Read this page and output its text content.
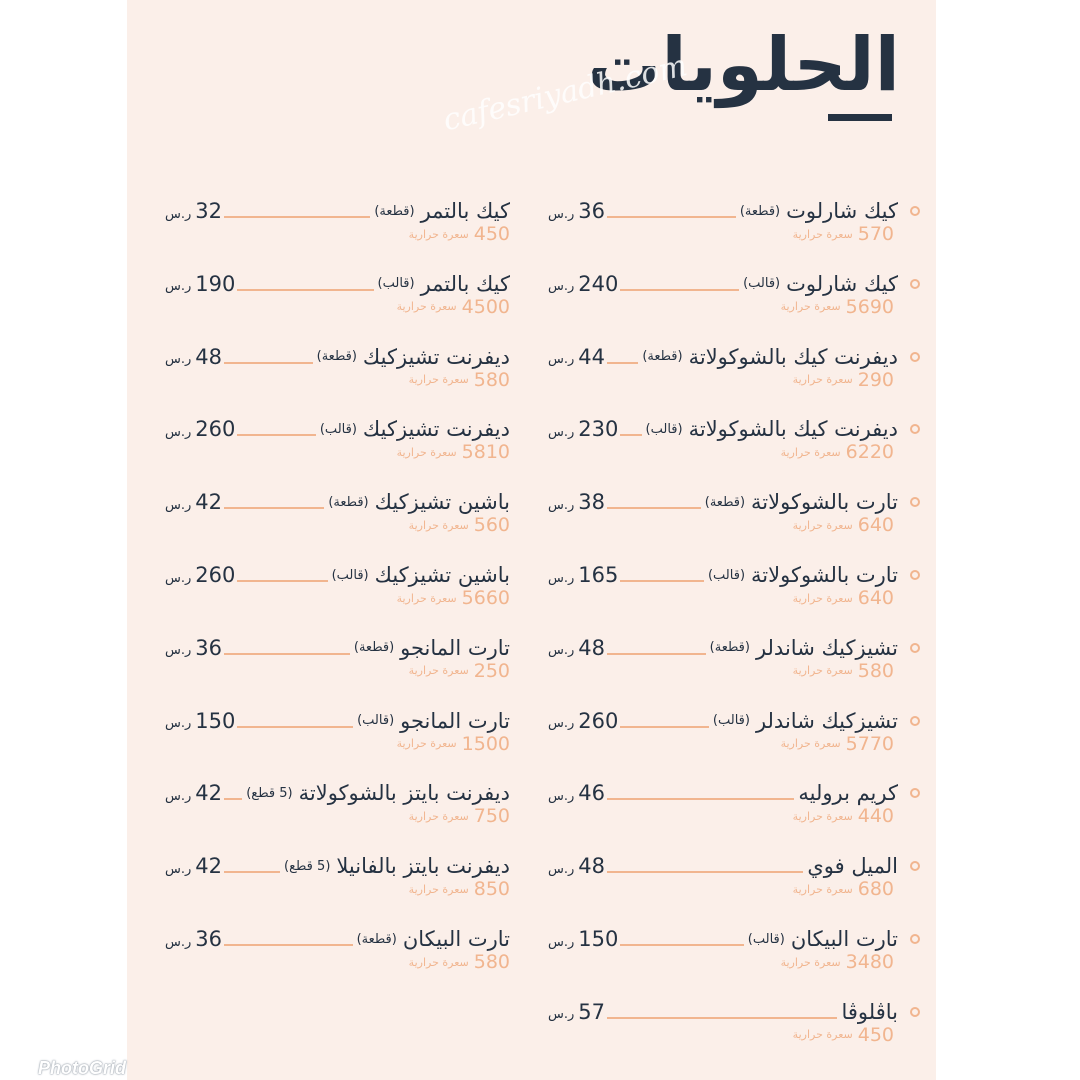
الحلويات
cafesriyadh.com
كيك شارلوت
(قطعة)
36
ر.س
570
سعرة حرارية
كيك شارلوت
(قالب)
240
ر.س
5690
سعرة حرارية
ديفرنت كيك بالشوكولاتة
(قطعة)
44
ر.س
290
سعرة حرارية
ديفرنت كيك بالشوكولاتة
(قالب)
230
ر.س
6220
سعرة حرارية
تارت بالشوكولاتة
(قطعة)
38
ر.س
640
سعرة حرارية
تارت بالشوكولاتة
(قالب)
165
ر.س
640
سعرة حرارية
تشيزكيك شاندلر
(قطعة)
48
ر.س
580
سعرة حرارية
تشيزكيك شاندلر
(قالب)
260
ر.س
5770
سعرة حرارية
كريم بروليه
46
ر.س
440
سعرة حرارية
الميل فوي
48
ر.س
680
سعرة حرارية
تارت البيكان
(قالب)
150
ر.س
3480
سعرة حرارية
باڤلوڤا
57
ر.س
450
سعرة حرارية
كيك بالتمر
(قطعة)
32
ر.س
450
سعرة حرارية
كيك بالتمر
(قالب)
190
ر.س
4500
سعرة حرارية
ديفرنت تشيزكيك
(قطعة)
48
ر.س
580
سعرة حرارية
ديفرنت تشيزكيك
(قالب)
260
ر.س
5810
سعرة حرارية
باشين تشيزكيك
(قطعة)
42
ر.س
560
سعرة حرارية
باشين تشيزكيك
(قالب)
260
ر.س
5660
سعرة حرارية
تارت المانجو
(قطعة)
36
ر.س
250
سعرة حرارية
تارت المانجو
(قالب)
150
ر.س
1500
سعرة حرارية
ديفرنت بايتز بالشوكولاتة
(5 قطع)
42
ر.س
750
سعرة حرارية
ديفرنت بايتز بالفانيلا
(5 قطع)
42
ر.س
850
سعرة حرارية
تارت البيكان
(قطعة)
36
ر.س
580
سعرة حرارية
PhotoGrid
